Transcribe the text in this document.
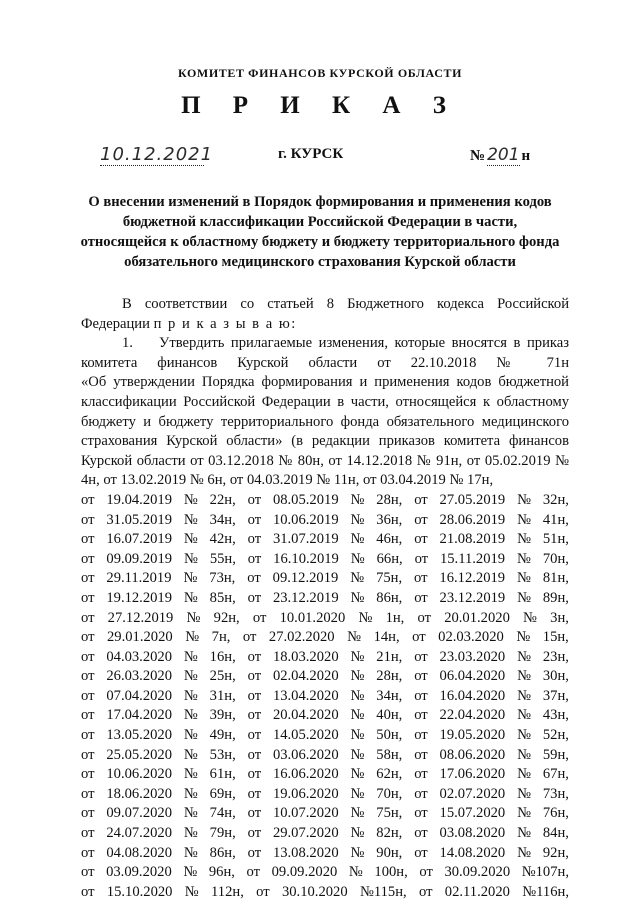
КОМИТЕТ ФИНАНСОВ КУРСКОЙ ОБЛАСТИ
П Р И К А З
10.12.2021	г. КУРСК	№ 201 н
О внесении изменений в Порядок формирования и применения кодов бюджетной классификации Российской Федерации в части, относящейся к областному бюджету и бюджету территориального фонда обязательного медицинского страхования Курской области

В соответствии со статьей 8 Бюджетного кодекса Российской

Федерации п р и к а з ы в а ю:

1. Утвердить прилагаемые изменения, которые вносятся в приказ

комитета финансов Курской области от 22.10.2018 № 71н

«Об утверждении Порядка формирования и применения кодов бюджетной классификации Российской Федерации в части, относящейся к областному бюджету и бюджету территориального фонда обязательного медицинского страхования Курской области» (в редакции приказов комитета финансов Курской области от 03.12.2018 № 80н, от 14.12.2018 № 91н, от 05.02.2019 № 4н, от 13.02.2019 № 6н, от 04.03.2019 № 11н, от 03.04.2019 № 17н,

от 19.04.2019 № 22н, от 08.05.2019 № 28н, от 27.05.2019 № 32н,
от 31.05.2019 № 34н, от 10.06.2019 № 36н, от 28.06.2019 № 41н,
от 16.07.2019 № 42н, от 31.07.2019 № 46н, от 21.08.2019 № 51н,
от 09.09.2019 № 55н, от 16.10.2019 № 66н, от 15.11.2019 № 70н,
от 29.11.2019 № 73н, от 09.12.2019 № 75н, от 16.12.2019 № 81н,
от 19.12.2019 № 85н, от 23.12.2019 № 86н, от 23.12.2019 № 89н,
от 27.12.2019 № 92н, от 10.01.2020 № 1н, от 20.01.2020 № 3н,
от 29.01.2020 № 7н, от 27.02.2020 № 14н, от 02.03.2020 № 15н,
от 04.03.2020 № 16н, от 18.03.2020 № 21н, от 23.03.2020 № 23н,
от 26.03.2020 № 25н, от 02.04.2020 № 28н, от 06.04.2020 № 30н,
от 07.04.2020 № 31н, от 13.04.2020 № 34н, от 16.04.2020 № 37н,
от 17.04.2020 № 39н, от 20.04.2020 № 40н, от 22.04.2020 № 43н,
от 13.05.2020 № 49н, от 14.05.2020 № 50н, от 19.05.2020 № 52н,
от 25.05.2020 № 53н, от 03.06.2020 № 58н, от 08.06.2020 № 59н,
от 10.06.2020 № 61н, от 16.06.2020 № 62н, от 17.06.2020 № 67н,
от 18.06.2020 № 69н, от 19.06.2020 № 70н, от 02.07.2020 № 73н,
от 09.07.2020 № 74н, от 10.07.2020 № 75н, от 15.07.2020 № 76н,
от 24.07.2020 № 79н, от 29.07.2020 № 82н, от 03.08.2020 № 84н,
от 04.08.2020 № 86н, от 13.08.2020 № 90н, от 14.08.2020 № 92н,
от 03.09.2020 № 96н, от 09.09.2020 № 100н, от 30.09.2020 №107н,
от 15.10.2020 № 112н, от 30.10.2020 №115н, от 02.11.2020 №116н,
